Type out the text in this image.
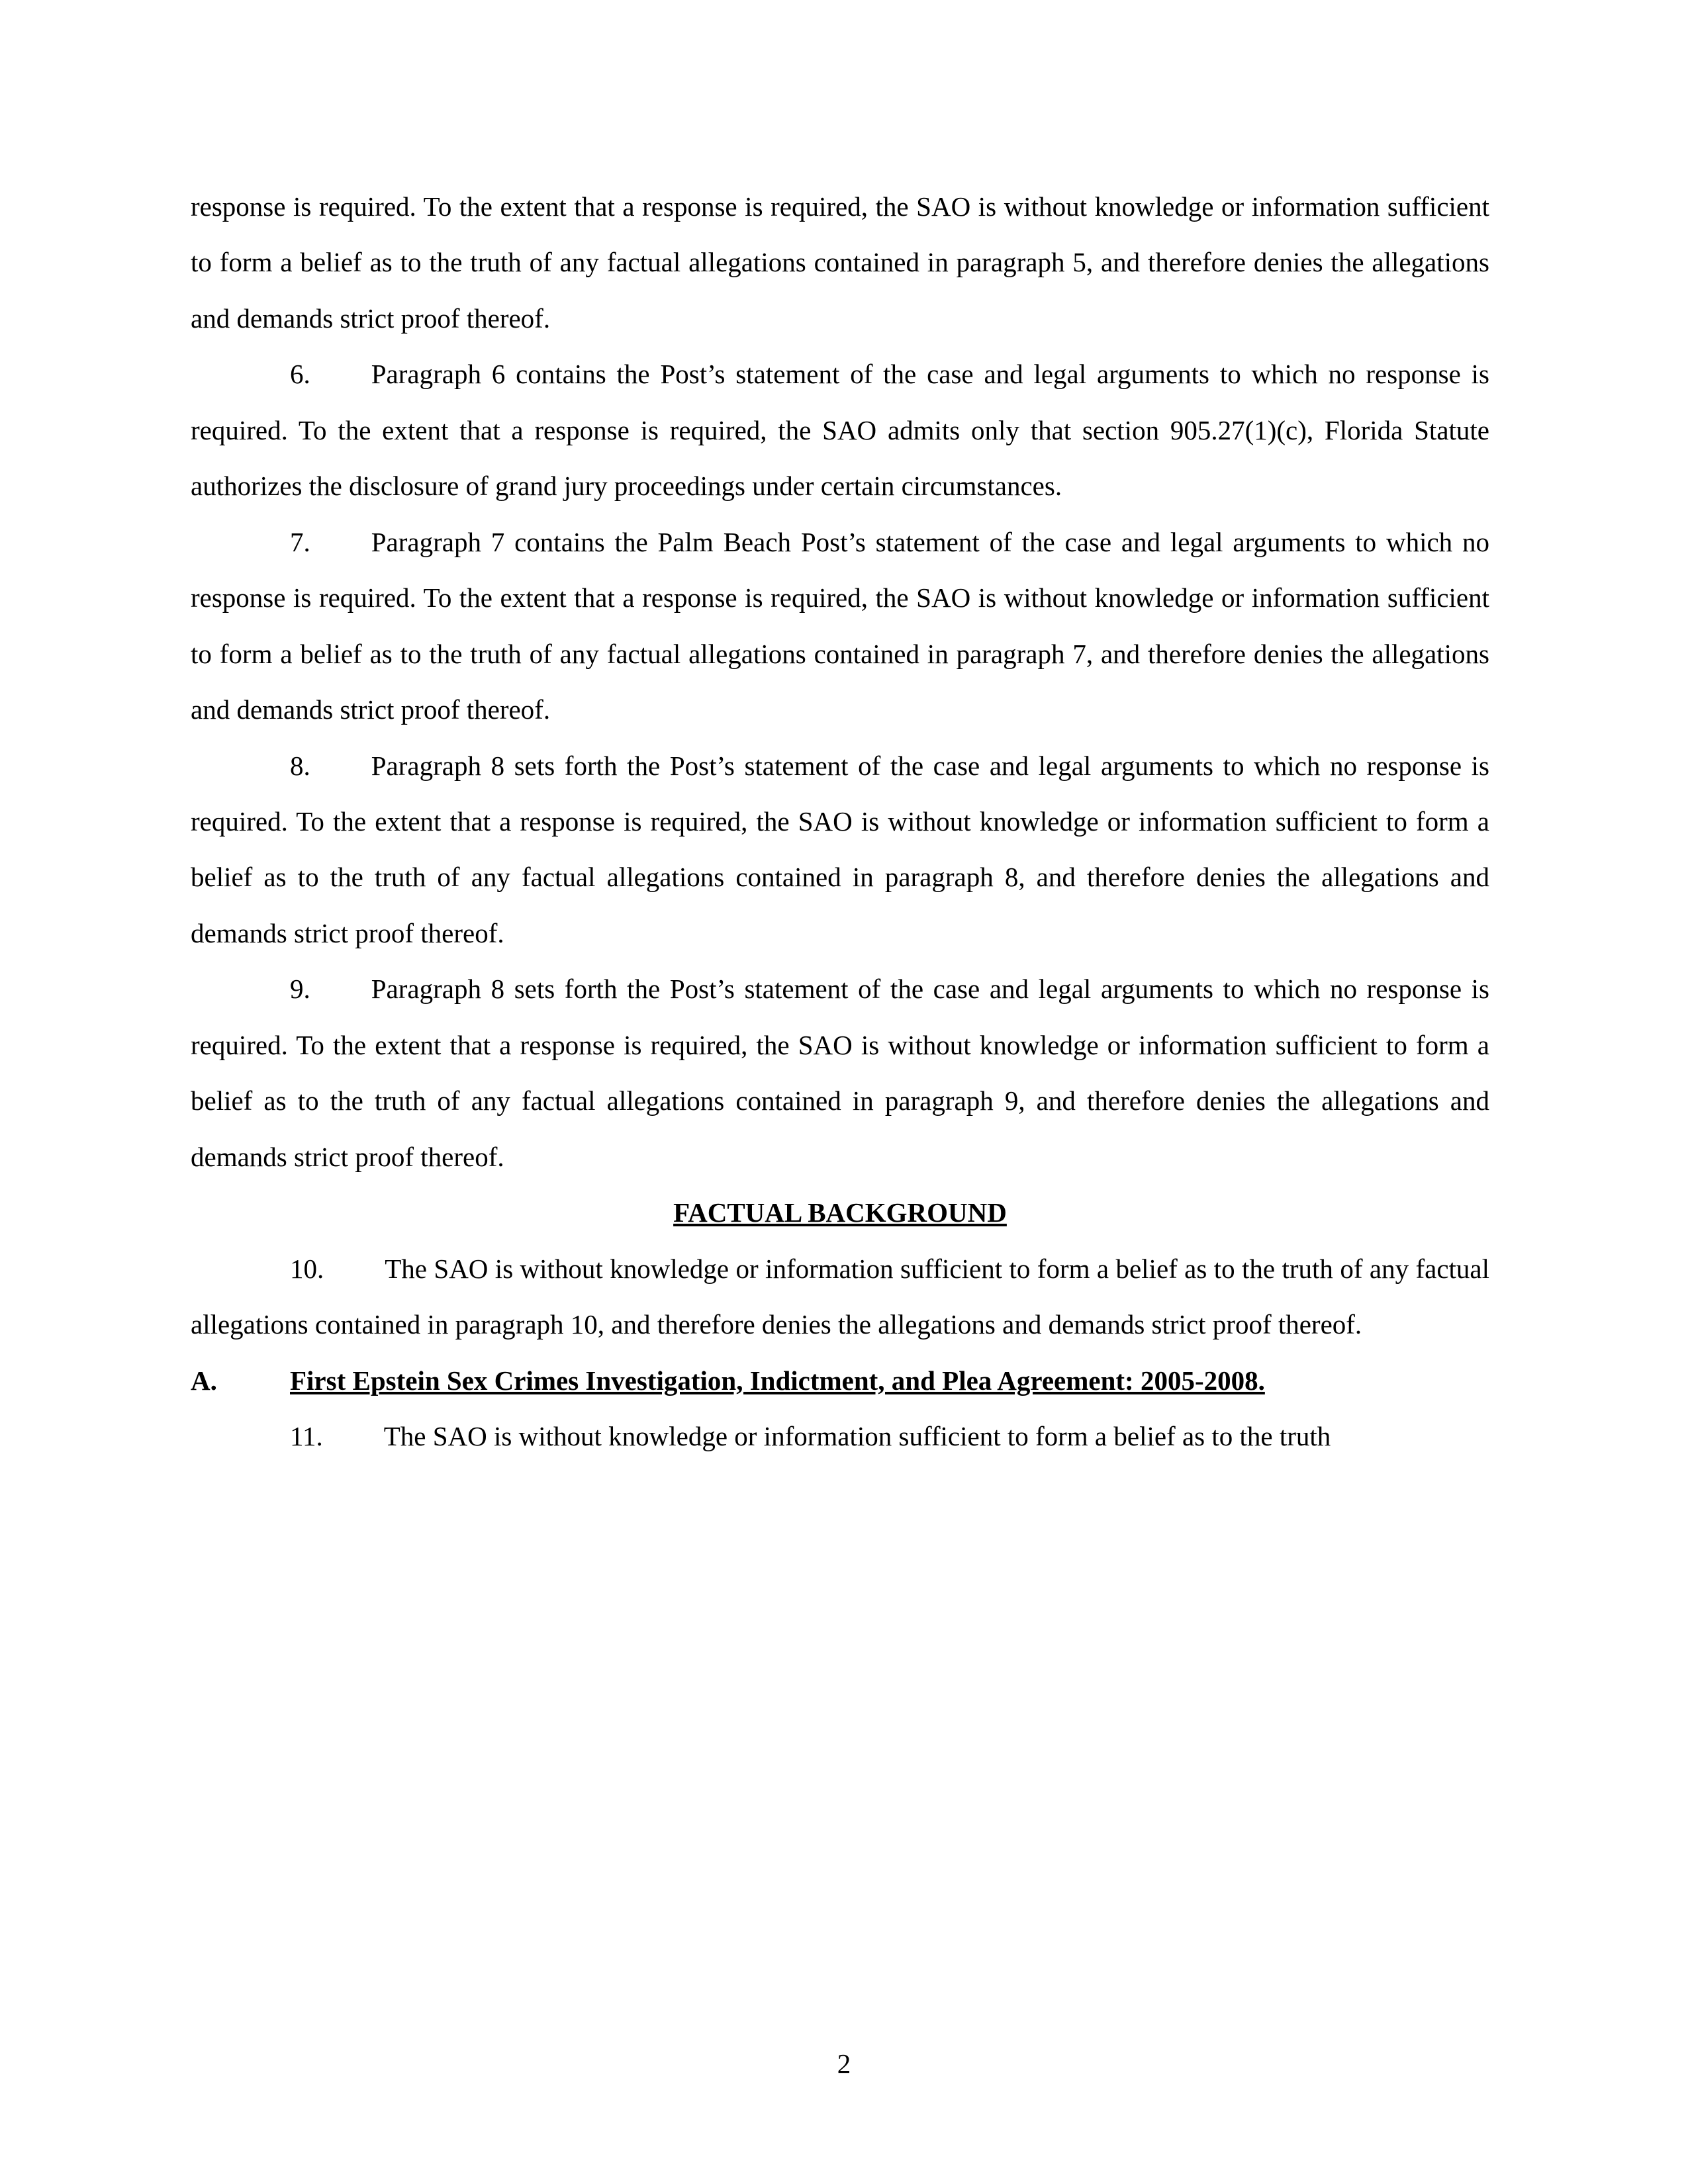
response is required. To the extent that a response is required, the SAO is without knowledge or information sufficient to form a belief as to the truth of any factual allegations contained in paragraph 5, and therefore denies the allegations and demands strict proof thereof.

6. Paragraph 6 contains the Post’s statement of the case and legal arguments to which no response is required. To the extent that a response is required, the SAO admits only that section 905.27(1)(c), Florida Statute authorizes the disclosure of grand jury proceedings under certain circumstances.

7. Paragraph 7 contains the Palm Beach Post’s statement of the case and legal arguments to which no response is required. To the extent that a response is required, the SAO is without knowledge or information sufficient to form a belief as to the truth of any factual allegations contained in paragraph 7, and therefore denies the allegations and demands strict proof thereof.

8. Paragraph 8 sets forth the Post’s statement of the case and legal arguments to which no response is required. To the extent that a response is required, the SAO is without knowledge or information sufficient to form a belief as to the truth of any factual allegations contained in paragraph 8, and therefore denies the allegations and demands strict proof thereof.

9. Paragraph 8 sets forth the Post’s statement of the case and legal arguments to which no response is required. To the extent that a response is required, the SAO is without knowledge or information sufficient to form a belief as to the truth of any factual allegations contained in paragraph 9, and therefore denies the allegations and demands strict proof thereof.

FACTUAL BACKGROUND

10. The SAO is without knowledge or information sufficient to form a belief as to the truth of any factual allegations contained in paragraph 10, and therefore denies the allegations and demands strict proof thereof.

A.	First Epstein Sex Crimes Investigation, Indictment, and Plea Agreement: 2005-2008.

11. The SAO is without knowledge or information sufficient to form a belief as to the truth

2
